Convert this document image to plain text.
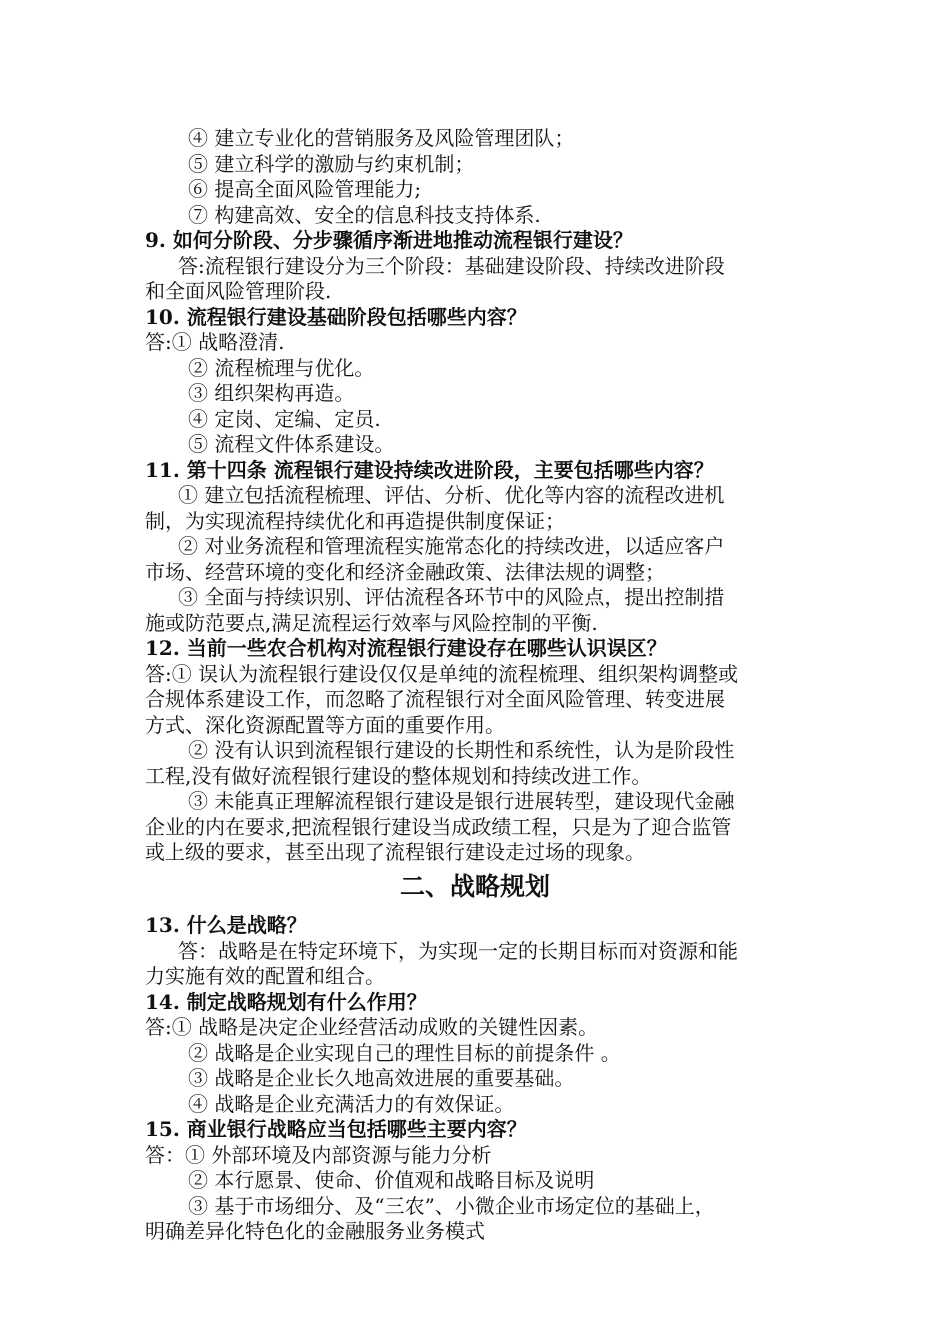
④ 建立专业化的营销服务及风险管理团队；
⑤ 建立科学的激励与约束机制；
⑥ 提高全面风险管理能力;
⑦ 构建高效、安全的信息科技支持体系.
9. 如何分阶段、分步骤循序渐进地推动流程银行建设？
答:流程银行建设分为三个阶段：基础建设阶段、持续改进阶段
和全面风险管理阶段.
10. 流程银行建设基础阶段包括哪些内容？
答:① 战略澄清.
② 流程梳理与优化。
③ 组织架构再造。
④ 定岗、定编、定员.
⑤ 流程文件体系建设。
11. 第十四条 流程银行建设持续改进阶段，主要包括哪些内容？
① 建立包括流程梳理、评估、分析、优化等内容的流程改进机
制，为实现流程持续优化和再造提供制度保证；
② 对业务流程和管理流程实施常态化的持续改进，以适应客户
市场、经营环境的变化和经济金融政策、法律法规的调整；
③ 全面与持续识别、评估流程各环节中的风险点，提出控制措
施或防范要点,满足流程运行效率与风险控制的平衡.
12. 当前一些农合机构对流程银行建设存在哪些认识误区？
答:① 误认为流程银行建设仅仅是单纯的流程梳理、组织架构调整或
合规体系建设工作，而忽略了流程银行对全面风险管理、转变进展
方式、深化资源配置等方面的重要作用。
② 没有认识到流程银行建设的长期性和系统性，认为是阶段性
工程,没有做好流程银行建设的整体规划和持续改进工作。
③ 未能真正理解流程银行建设是银行进展转型，建设现代金融
企业的内在要求,把流程银行建设当成政绩工程，只是为了迎合监管
或上级的要求，甚至出现了流程银行建设走过场的现象。
二、战略规划
13. 什么是战略？
答：战略是在特定环境下，为实现一定的长期目标而对资源和能
力实施有效的配置和组合。
14. 制定战略规划有什么作用？
答:① 战略是决定企业经营活动成败的关键性因素。
② 战略是企业实现自己的理性目标的前提条件 。
③ 战略是企业长久地高效进展的重要基础。
④ 战略是企业充满活力的有效保证。
15. 商业银行战略应当包括哪些主要内容？
答：① 外部环境及内部资源与能力分析
② 本行愿景、使命、价值观和战略目标及说明
③ 基于市场细分、及“三农”、小微企业市场定位的基础上，
明确差异化特色化的金融服务业务模式
